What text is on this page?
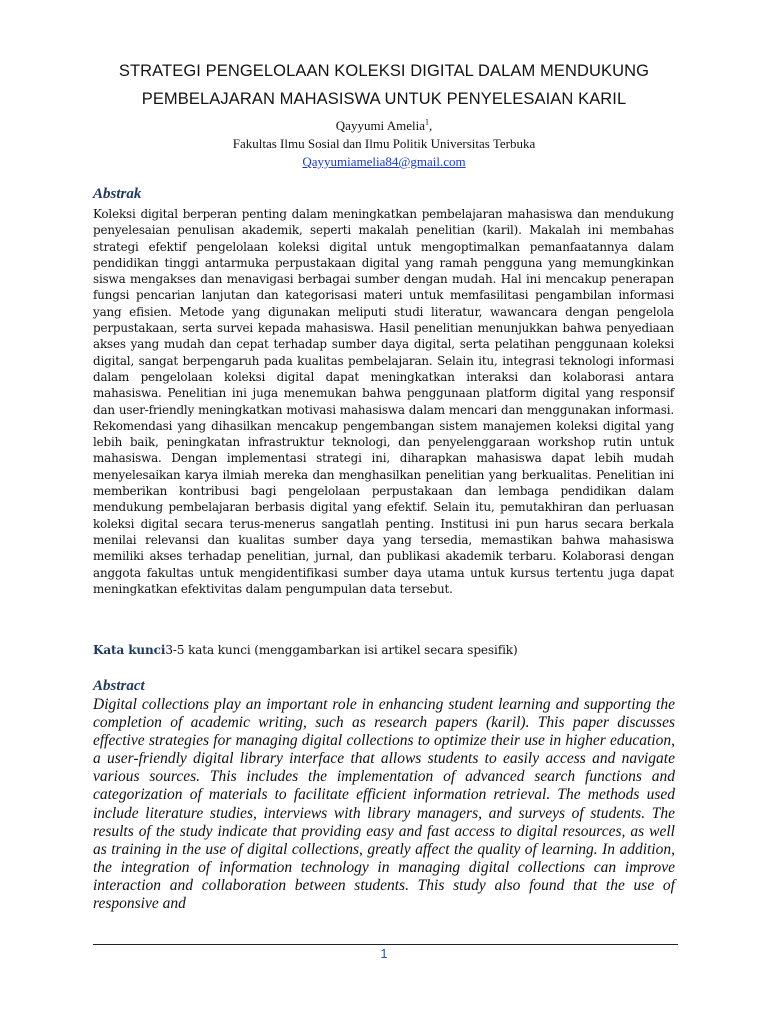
STRATEGI PENGELOLAAN KOLEKSI DIGITAL DALAM MENDUKUNG
PEMBELAJARAN MAHASISWA UNTUK PENYELESAIAN KARIL
Qayyumi Amelia$^1$,
Fakultas Ilmu Sosial dan Ilmu Politik Universitas Terbuka
Qayyumiamelia84@gmail.com
Abstrak

Koleksi digital berperan penting dalam meningkatkan pembelajaran mahasiswa dan mendukung penyelesaian penulisan akademik, seperti makalah penelitian (karil). Makalah ini membahas strategi efektif pengelolaan koleksi digital untuk mengoptimalkan pemanfaatannya dalam pendidikan tinggi antarmuka perpustakaan digital yang ramah pengguna yang memungkinkan siswa mengakses dan menavigasi berbagai sumber dengan mudah. Hal ini mencakup penerapan fungsi pencarian lanjutan dan kategorisasi materi untuk memfasilitasi pengambilan informasi yang efisien. Metode yang digunakan meliputi studi literatur, wawancara dengan pengelola perpustakaan, serta survei kepada mahasiswa. Hasil penelitian menunjukkan bahwa penyediaan akses yang mudah dan cepat terhadap sumber daya digital, serta pelatihan penggunaan koleksi digital, sangat berpengaruh pada kualitas pembelajaran. Selain itu, integrasi teknologi informasi dalam pengelolaan koleksi digital dapat meningkatkan interaksi dan kolaborasi antara mahasiswa. Penelitian ini juga menemukan bahwa penggunaan platform digital yang responsif dan user-friendly meningkatkan motivasi mahasiswa dalam mencari dan menggunakan informasi. Rekomendasi yang dihasilkan mencakup pengembangan sistem manajemen koleksi digital yang lebih baik, peningkatan infrastruktur teknologi, dan penyelenggaraan workshop rutin untuk mahasiswa. Dengan implementasi strategi ini, diharapkan mahasiswa dapat lebih mudah menyelesaikan karya ilmiah mereka dan menghasilkan penelitian yang berkualitas. Penelitian ini memberikan kontribusi bagi pengelolaan perpustakaan dan lembaga pendidikan dalam mendukung pembelajaran berbasis digital yang efektif. Selain itu, pemutakhiran dan perluasan koleksi digital secara terus-menerus sangatlah penting. Institusi ini pun harus secara berkala menilai relevansi dan kualitas sumber daya yang tersedia, memastikan bahwa mahasiswa memiliki akses terhadap penelitian, jurnal, dan publikasi akademik terbaru. Kolaborasi dengan anggota fakultas untuk mengidentifikasi sumber daya utama untuk kursus tertentu juga dapat meningkatkan efektivitas dalam pengumpulan data tersebut.

Kata kunci3-5 kata kunci (menggambarkan isi artikel secara spesifik)
Abstract

Digital collections play an important role in enhancing student learning and supporting the completion of academic writing, such as research papers (karil). This paper discusses effective strategies for managing digital collections to optimize their use in higher education, a user-friendly digital library interface that allows students to easily access and navigate various sources. This includes the implementation of advanced search functions and categorization of materials to facilitate efficient information retrieval. The methods used include literature studies, interviews with library managers, and surveys of students. The results of the study indicate that providing easy and fast access to digital resources, as well as training in the use of digital collections, greatly affect the quality of learning. In addition, the integration of information technology in managing digital collections can improve interaction and collaboration between students. This study also found that the use of responsive and

1
